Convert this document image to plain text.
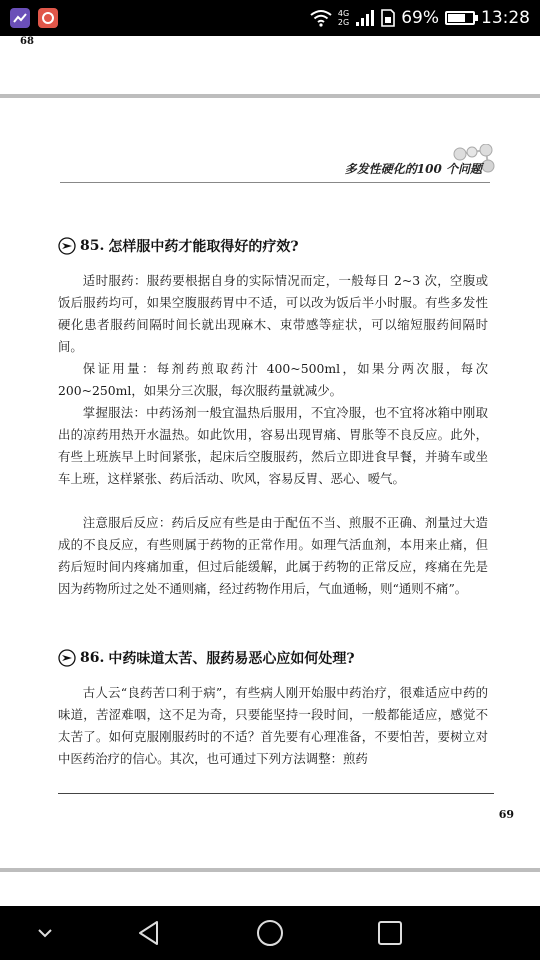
4G
2G	69% 13:28
68
多发性硬化的100 个问题
85. 怎样服中药才能取得好的疗效?

适时服药：服药要根据自身的实际情况而定，一般每日 2~3 次，空腹或饭后服药均可，如果空腹服药胃中不适，可以改为饭后半小时服。有些多发性硬化患者服药间隔时间长就出现麻木、束带感等症状，可以缩短服药间隔时间。

保证用量：每剂药煎取药汁 400~500ml，如果分两次服，每次 200~250ml，如果分三次服，每次服药量就减少。

掌握服法：中药汤剂一般宜温热后服用，不宜冷服，也不宜将冰箱中刚取出的凉药用热开水温热。如此饮用，容易出现胃痛、胃胀等不良反应。此外，有些上班族早上时间紧张，起床后空腹服药，然后立即进食早餐，并骑车或坐车上班，这样紧张、药后活动、吹风，容易反胃、恶心、嗳气。

注意服后反应：药后反应有些是由于配伍不当、煎服不正确、剂量过大造成的不良反应，有些则属于药物的正常作用。如理气活血剂，本用来止痛，但药后短时间内疼痛加重，但过后能缓解，此属于药物的正常反应，疼痛在先是因为药物所过之处不通则痛，经过药物作用后，气血通畅，则“通则不痛”。

86. 中药味道太苦、服药易恶心应如何处理?

古人云“良药苦口利于病”，有些病人刚开始服中药治疗，很难适应中药的味道，苦涩难咽，这不足为奇，只要能坚持一段时间，一般都能适应，感觉不太苦了。如何克服刚服药时的不适？首先要有心理准备，不要怕苦，要树立对中医药治疗的信心。其次，也可通过下列方法调整：煎药

69
